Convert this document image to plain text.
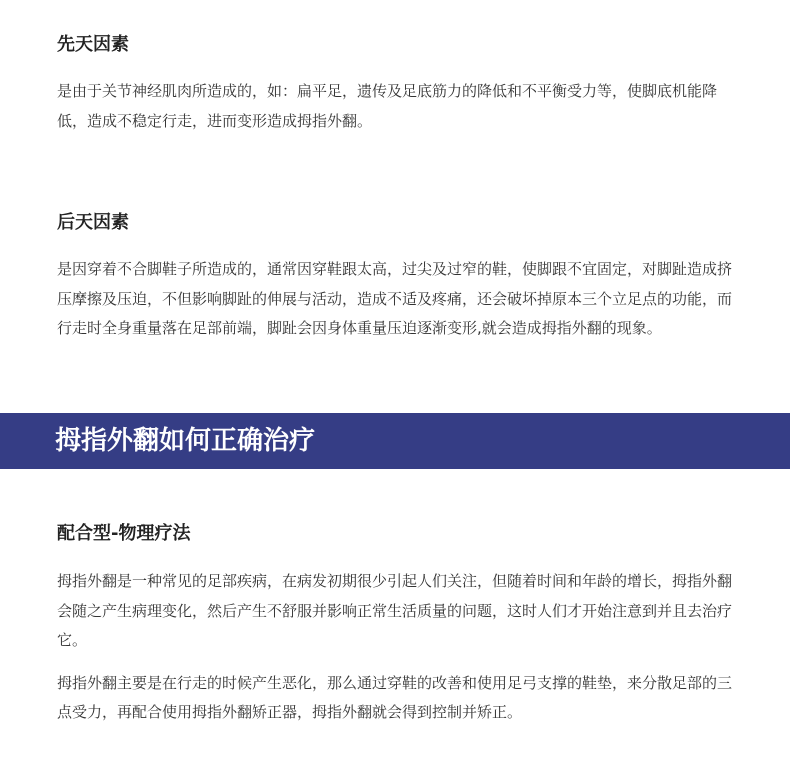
先天因素

是由于关节神经肌肉所造成的，如：扁平足，遗传及足底筋力的降低和不平衡受力等，使脚底机能降低，造成不稳定行走，进而变形造成拇指外翻。

后天因素

是因穿着不合脚鞋子所造成的，通常因穿鞋跟太高，过尖及过窄的鞋，使脚跟不宜固定，对脚趾造成挤压摩擦及压迫，不但影响脚趾的伸展与活动，造成不适及疼痛，还会破坏掉原本三个立足点的功能，而行走时全身重量落在足部前端，脚趾会因身体重量压迫逐渐变形,就会造成拇指外翻的现象。

拇指外翻如何正确治疗
配合型-物理疗法

拇指外翻是一种常见的足部疾病，在病发初期很少引起人们关注，但随着时间和年龄的增长，拇指外翻会随之产生病理变化，然后产生不舒服并影响正常生活质量的问题，这时人们才开始注意到并且去治疗它。

拇指外翻主要是在行走的时候产生恶化，那么通过穿鞋的改善和使用足弓支撑的鞋垫，来分散足部的三点受力，再配合使用拇指外翻矫正器，拇指外翻就会得到控制并矫正。
